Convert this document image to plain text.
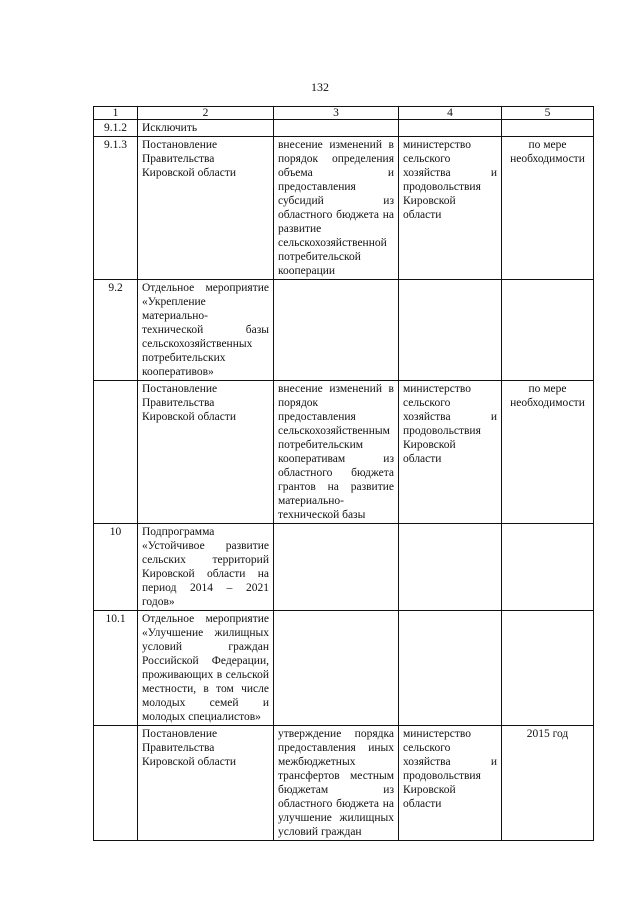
132
1	2	3	4	5
9.1.2	Исключить			
9.1.3	Постановление Правительства Кировской области	внесение изменений в порядок определения объема и предоставления субсидий из областного бюджета на развитие сельскохозяйственной потребительской кооперации	министерство сельского хозяйства и продовольствия Кировской области	по мере необходимости
9.2	Отдельное мероприятие «Укрепление материально-технической базы сельскохозяйственных потребительских кооперативов»			
	Постановление Правительства Кировской области	внесение изменений в порядок предоставления сельскохозяйственным потребительским кооперативам из областного бюджета грантов на развитие материально-технической базы	министерство сельского хозяйства и продовольствия Кировской области	по мере необходимости
10	Подпрограмма «Устойчивое развитие сельских территорий Кировской области на период 2014 – 2021 годов»			
10.1	Отдельное мероприятие «Улучшение жилищных условий граждан Российской Федерации, проживающих в сельской местности, в том числе молодых семей и молодых специалистов»			
	Постановление Правительства Кировской области	утверждение порядка предоставления иных межбюджетных трансфертов местным бюджетам из областного бюджета на улучшение жилищных условий граждан	министерство сельского хозяйства и продовольствия Кировской области	2015 год
